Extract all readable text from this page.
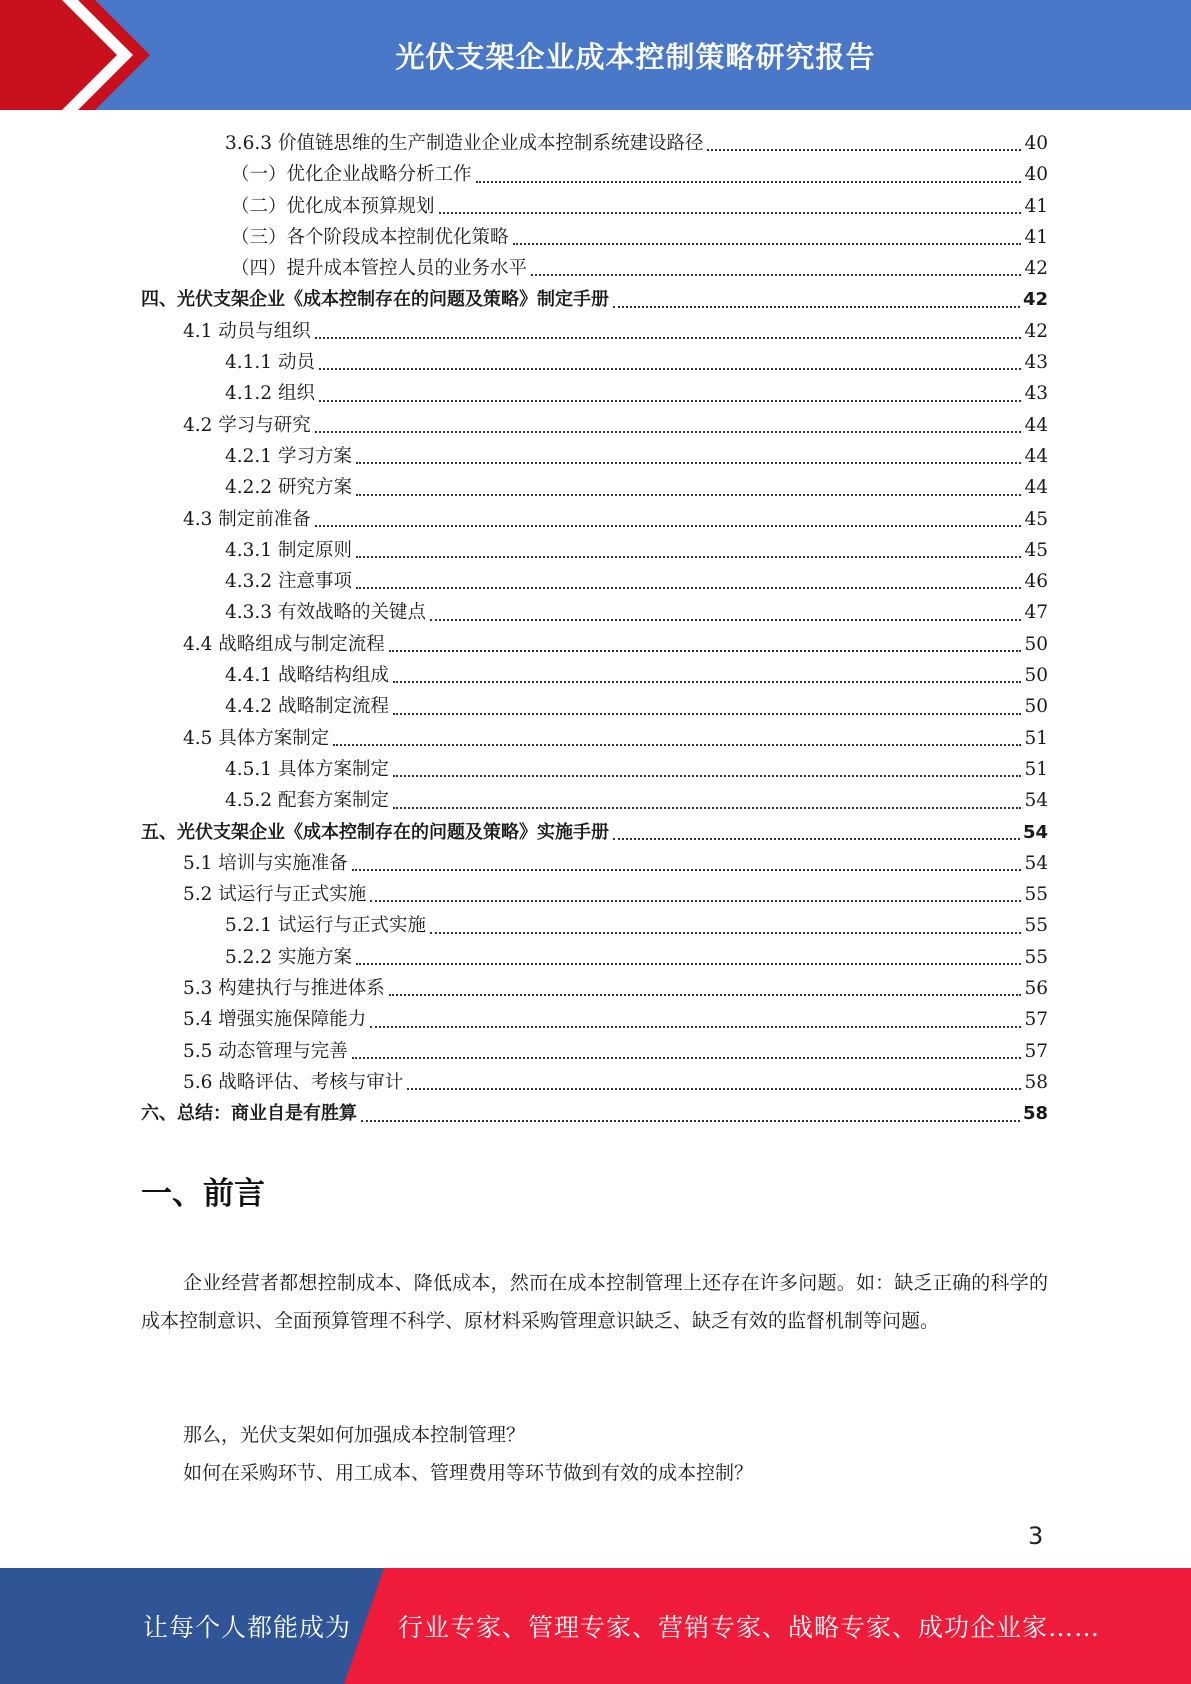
光伏支架企业成本控制策略研究报告
3.6.3 价值链思维的生产制造业企业成本控制系统建设路径	40
（一）优化企业战略分析工作	40
（二）优化成本预算规划	41
（三）各个阶段成本控制优化策略	41
（四）提升成本管控人员的业务水平	42
四、光伏支架企业《成本控制存在的问题及策略》制定手册	42
4.1 动员与组织	42
4.1.1 动员	43
4.1.2 组织	43
4.2 学习与研究	44
4.2.1 学习方案	44
4.2.2 研究方案	44
4.3 制定前准备	45
4.3.1 制定原则	45
4.3.2 注意事项	46
4.3.3 有效战略的关键点	47
4.4 战略组成与制定流程	50
4.4.1 战略结构组成	50
4.4.2 战略制定流程	50
4.5 具体方案制定	51
4.5.1 具体方案制定	51
4.5.2 配套方案制定	54
五、光伏支架企业《成本控制存在的问题及策略》实施手册	54
5.1 培训与实施准备	54
5.2 试运行与正式实施	55
5.2.1 试运行与正式实施	55
5.2.2 实施方案	55
5.3 构建执行与推进体系	56
5.4 增强实施保障能力	57
5.5 动态管理与完善	57
5.6 战略评估、考核与审计	58
六、总结：商业自是有胜算	58
一、前言

企业经营者都想控制成本、降低成本，然而在成本控制管理上还存在许多问题。如：缺乏正确的科学的成本控制意识、全面预算管理不科学、原材料采购管理意识缺乏、缺乏有效的监督机制等问题。

那么，光伏支架如何加强成本控制管理？

如何在采购环节、用工成本、管理费用等环节做到有效的成本控制？

3
让每个人都能成为 行业专家、管理专家、营销专家、战略专家、成功企业家……
